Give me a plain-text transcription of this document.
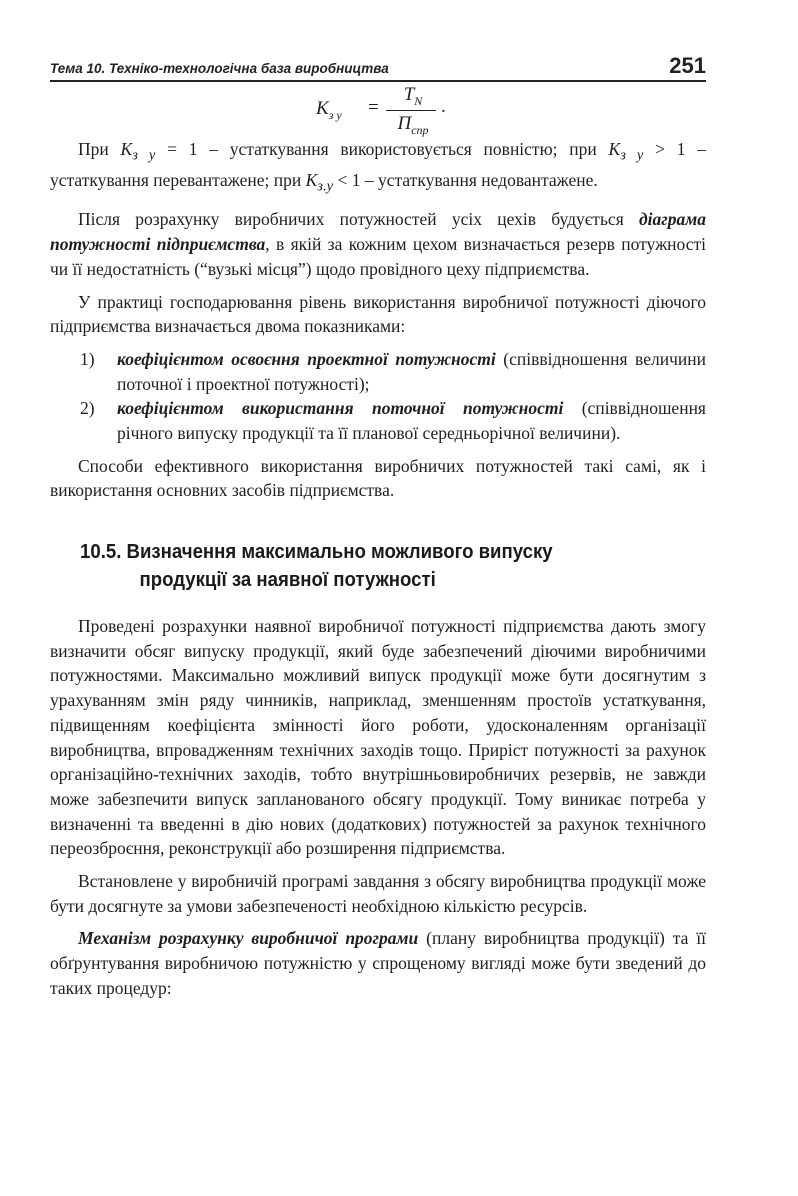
Тема 10. Техніко-технологічна база виробництва	251
$K_{з у}$ =
$T_N$
$П_{спр}$
.

При $K_{з у} = 1$ – устаткування використовується повністю; при $K_{з у} > 1$ – устаткування перевантажене; при $K_{з.у} < 1$ – устаткування недовантажене.

Після розрахунку виробничих потужностей усіх цехів будується діаграма потужності підприємства, в якій за кожним цехом визначається резерв потужності чи її недостатність (“вузькі місця”) щодо провідного цеху підприємства.

У практиці господарювання рівень використання виробничої потужності діючого підприємства визначається двома показниками:

1) коефіцієнтом освоєння проектної потужності (співвідношення величини поточної і проектної потужності);
2) коефіцієнтом використання поточної потужності (співвідношення річного випуску продукції та її планової середньорічної величини).

Способи ефективного використання виробничих потужностей такі самі, як і використання основних засобів підприємства.

10.5. Визначення максимально можливого випуску
продукції за наявної потужності

Проведені розрахунки наявної виробничої потужності підприємства дають змогу визначити обсяг випуску продукції, який буде забезпечений діючими виробничими потужностями. Максимально можливий випуск продукції може бути досягнутим з урахуванням змін ряду чинників, наприклад, зменшенням простоїв устаткування, підвищенням коефіцієнта змінності його роботи, удосконаленням організації виробництва, впровадженням технічних заходів тощо. Приріст потужності за рахунок організаційно-технічних заходів, тобто внутрішньовиробничих резервів, не завжди може забезпечити випуск запланованого обсягу продукції. Тому виникає потреба у визначенні та введенні в дію нових (додаткових) потужностей за рахунок технічного переозброєння, реконструкції або розширення підприємства.

Встановлене у виробничій програмі завдання з обсягу виробництва продукції може бути досягнуте за умови забезпеченості необхідною кількістю ресурсів.

Механізм розрахунку виробничої програми (плану виробництва продукції) та її обґрунтування виробничою потужністю у спрощеному вигляді може бути зведений до таких процедур:
